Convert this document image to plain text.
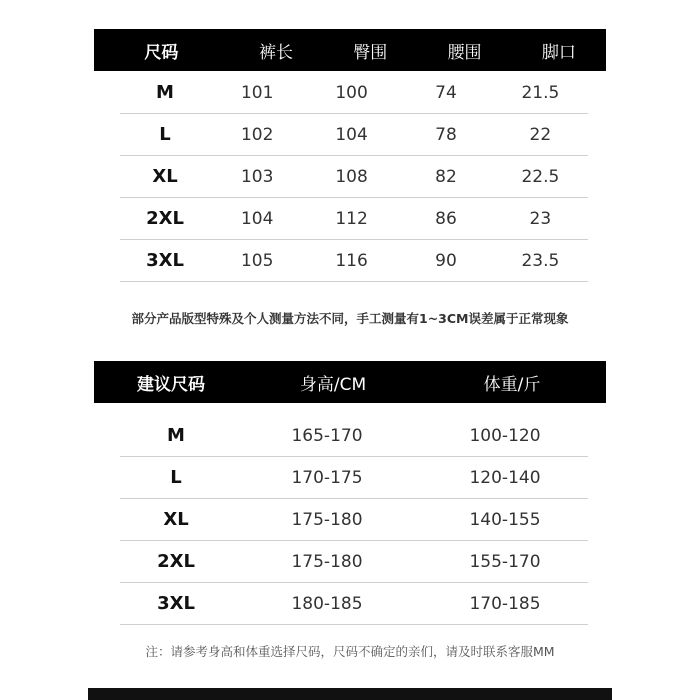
尺码	裤长	臀围	腰围	脚口
M	101	100	74	21.5
L	102	104	78	22
XL	103	108	82	22.5
2XL	104	112	86	23
3XL	105	116	90	23.5
部分产品版型特殊及个人测量方法不同，手工测量有1~3CM误差属于正常现象
建议尺码	身高/CM	体重/斤
M	165-170	100-120
L	170-175	120-140
XL	175-180	140-155
2XL	175-180	155-170
3XL	180-185	170-185
注：请参考身高和体重选择尺码，尺码不确定的亲们，请及时联系客服MM
